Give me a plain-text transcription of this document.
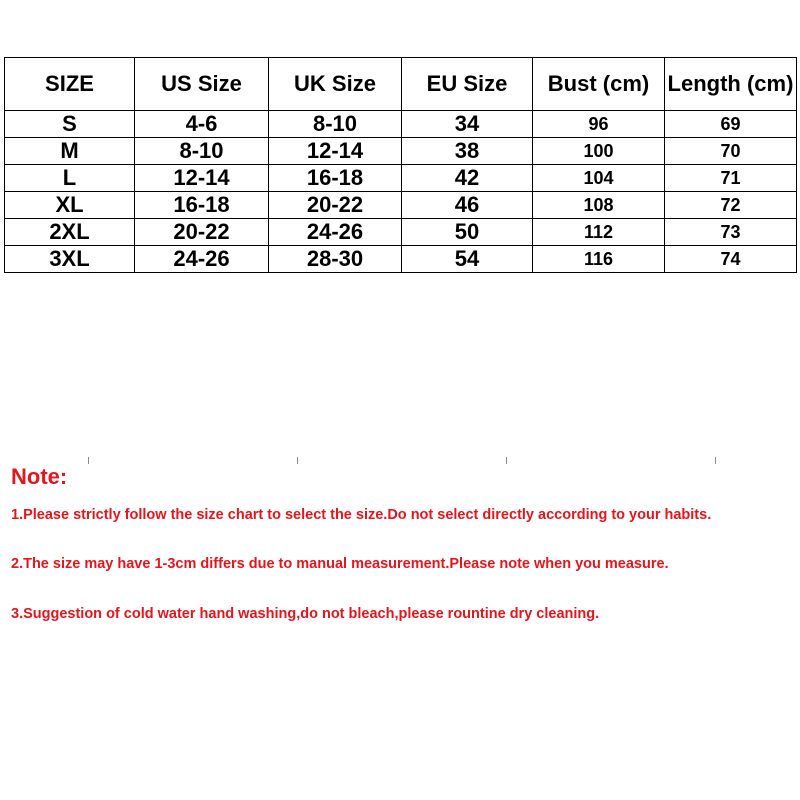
SIZE	US Size	UK Size	EU Size	Bust (cm)	Length (cm)
S	4-6	8-10	34	96	69
M	8-10	12-14	38	100	70
L	12-14	16-18	42	104	71
XL	16-18	20-22	46	108	72
2XL	20-22	24-26	50	112	73
3XL	24-26	28-30	54	116	74
Note:
1.Please strictly follow the size chart to select the size.Do not select directly according to your habits.
2.The size may have 1-3cm differs due to manual measurement.Please note when you measure.
3.Suggestion of cold water hand washing,do not bleach,please rountine dry cleaning.
